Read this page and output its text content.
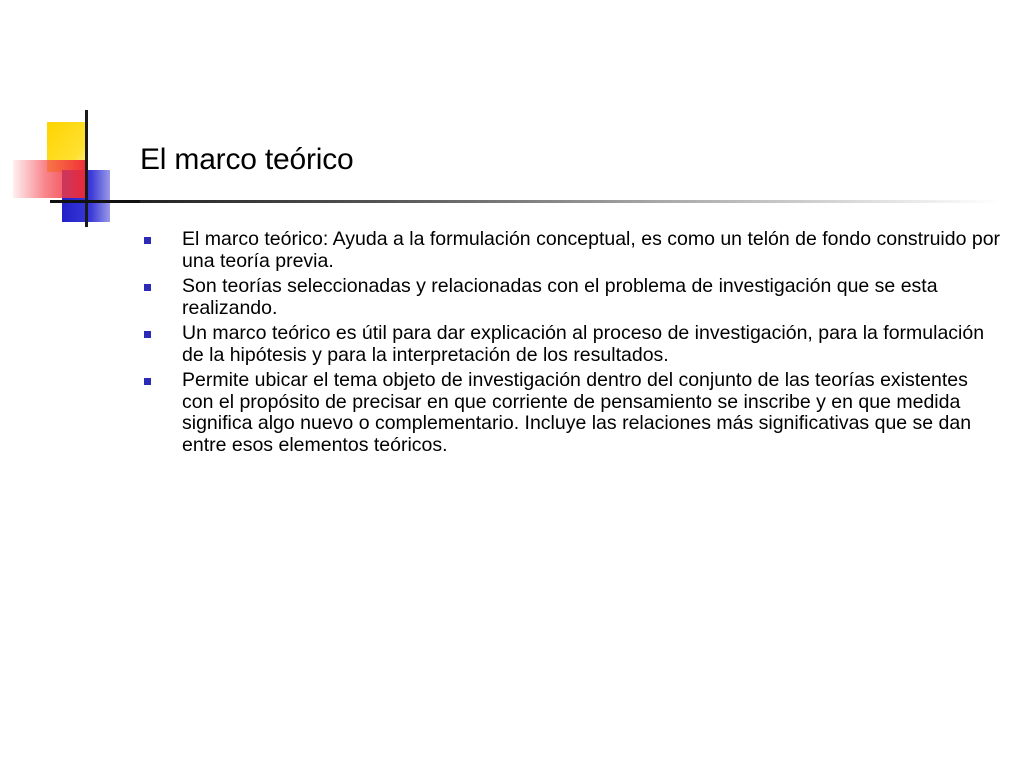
El marco teórico
El marco teórico: Ayuda a la formulación conceptual, es como un telón de fondo construido por una teoría previa.
Son teorías seleccionadas y relacionadas con el problema de investigación que se esta realizando.
Un marco teórico es útil para dar explicación al proceso de investigación, para la formulación de la hipótesis y para la interpretación de los resultados.
Permite ubicar el tema objeto de investigación dentro del conjunto de las teorías existentes con el propósito de precisar en que corriente de pensamiento se inscribe y en que medida significa algo nuevo o complementario. Incluye las relaciones más significativas que se dan entre esos elementos teóricos.
